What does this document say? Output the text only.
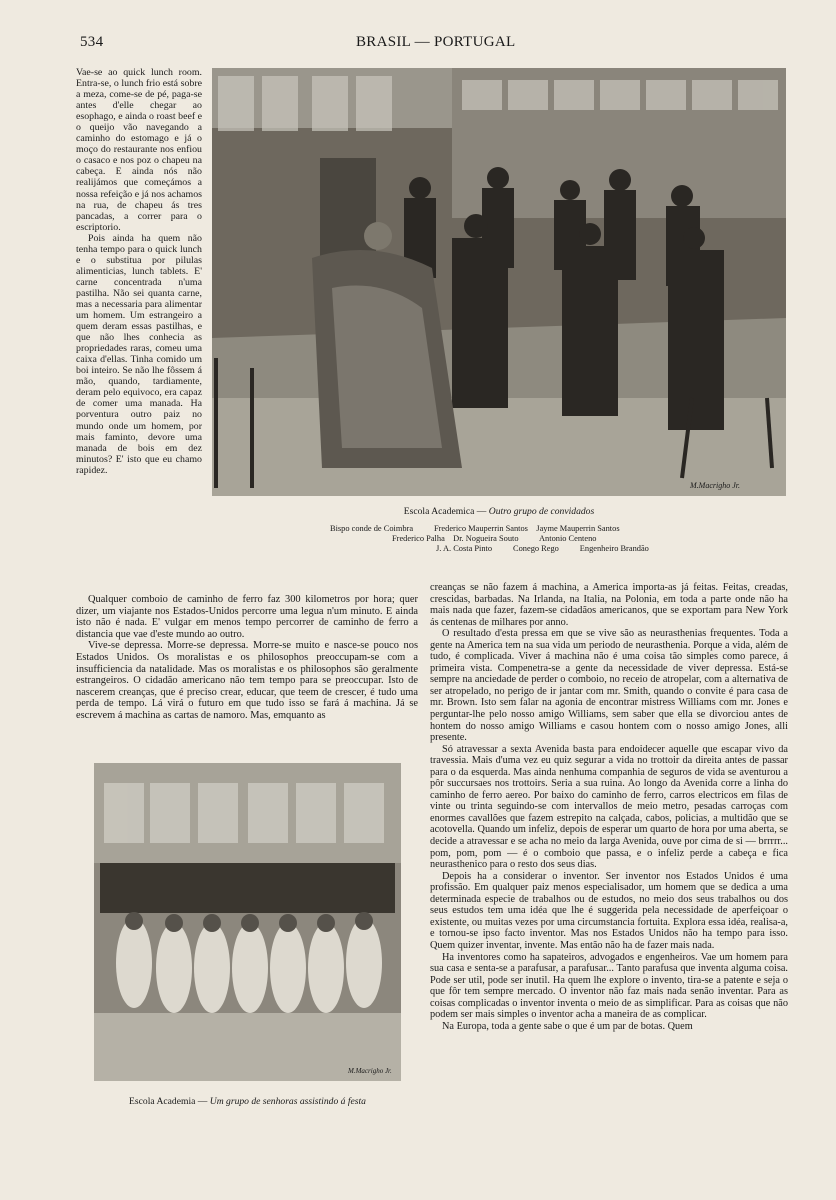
534	BRASIL — PORTUGAL
M.Macrigho Jr.
Escola Academica — Outro grupo de convidados
Bispo conde de Coimbra          Frederico Mauperrin Santos    Jayme Mauperrin Santos
Frederico Palha    Dr. Nogueira Souto          Antonio Centeno
J. A. Costa Pinto          Conego Rego          Engenheiro Brandão

Vae-se ao quick lunch room. Entra-se, o lunch frio está sobre a meza, come-se de pé, paga-se antes d'elle chegar ao esophago, e ainda o roast beef e o queijo vão navegando a caminho do estomago e já o moço do restaurante nos enfiou o casaco e nos poz o chapeu na cabeça. E ainda nós não realijámos que começámos a nossa refeição e já nos achamos na rua, de chapeu ás tres pancadas, a correr para o escriptorio.

Pois ainda ha quem não tenha tempo para o quick lunch e o substitua por pilulas alimenticias, lunch tablets. E' carne concentrada n'uma pastilha. Não sei quanta carne, mas a necessaria para alimentar um homem. Um estrangeiro a quem deram essas pastilhas, e que não lhes conhecia as propriedades raras, comeu uma caixa d'ellas. Tinha comido um boi inteiro. Se não lhe fôssem á mão, quando, tardiamente, deram pelo equivoco, era capaz de comer uma manada. Ha porventura outro paiz no mundo onde um homem, por mais faminto, devore uma manada de bois em dez minutos? E' isto que eu chamo rapidez.

Qualquer comboio de caminho de ferro faz 300 kilometros por hora; quer dizer, um viajante nos Estados-Unidos percorre uma legua n'um minuto. E ainda isto não é nada. E' vulgar em menos tempo percorrer de caminho de ferro a distancia que vae d'este mundo ao outro.

Vive-se depressa. Morre-se depressa. Morre-se muito e nasce-se pouco nos Estados Unidos. Os moralistas e os philosophos preoccupam-se com a insufficiencia da natalidade. Mas os moralistas e os philosophos são geralmente estrangeiros. O cidadão americano não tem tempo para se preoccupar. Isto de nascerem creanças, que é preciso crear, educar, que teem de crescer, é tudo uma perda de tempo. Lá virá o futuro em que tudo isso se fará á machina. Já se escrevem á machina as cartas de namoro. Mas, emquanto as

M.Macrigho Jr.
Escola Academia — Um grupo de senhoras assistindo á festa

creanças se não fazem á machina, a America importa-as já feitas. Feitas, creadas, crescidas, barbadas. Na Irlanda, na Italia, na Polonia, em toda a parte onde não ha mais nada que fazer, fazem-se cidadãos americanos, que se exportam para New York ás centenas de milhares por anno.

O resultado d'esta pressa em que se vive são as neurasthenias frequentes. Toda a gente na America tem na sua vida um periodo de neurasthenia. Porque a vida, além de tudo, é complicada. Viver á machina não é uma coisa tão simples como parece, á primeira vista. Compenetra-se a gente da necessidade de viver depressa. Está-se sempre na anciedade de perder o comboio, no receio de atropelar, com a alternativa de ser atropelado, no perigo de ir jantar com mr. Smith, quando o convite é para casa de mr. Brown. Isto sem falar na agonia de encontrar mistress Williams com mr. Jones e perguntar-lhe pelo nosso amigo Williams, sem saber que ella se divorciou antes de hontem do nosso amigo Williams e casou hontem com o nosso amigo Jones, alli presente.

Só atravessar a sexta Avenida basta para endoidecer aquelle que escapar vivo da travessia. Mais d'uma vez eu quiz segurar a vida no trottoir da direita antes de passar para o da esquerda. Mas ainda nenhuma companhia de seguros de vida se aventurou a pôr succursaes nos trottoirs. Seria a sua ruina. Ao longo da Avenida corre a linha do caminho de ferro aereo. Por baixo do caminho de ferro, carros electricos em filas de vinte ou trinta seguindo-se com intervallos de meio metro, pesadas carroças com enormes cavallões que fazem estrepito na calçada, cabos, policias, a multidão que se acotovella. Quando um infeliz, depois de esperar um quarto de hora por uma aberta, se decide a atravessar e se acha no meio da larga Avenida, ouve por cima de si — brrrrr... pom, pom, pom — é o comboio que passa, e o infeliz perde a cabeça e fica neurasthenico para o resto dos seus dias.

Depois ha a considerar o inventor. Ser inventor nos Estados Unidos é uma profissão. Em qualquer paiz menos especialisador, um homem que se dedica a uma determinada especie de trabalhos ou de estudos, no meio dos seus trabalhos ou dos seus estudos tem uma idéa que lhe é suggerida pela necessidade de aperfeiçoar o existente, ou muitas vezes por uma circumstancia fortuita. Explora essa idéa, realisa-a, e tornou-se ipso facto inventor. Mas nos Estados Unidos não ha tempo para isso. Quem quizer inventar, invente. Mas então não ha de fazer mais nada.

Ha inventores como ha sapateiros, advogados e engenheiros. Vae um homem para sua casa e senta-se a parafusar, a parafusar... Tanto parafusa que inventa alguma coisa. Pode ser util, pode ser inutil. Ha quem lhe explore o invento, tira-se a patente e seja o que fôr tem sempre mercado. O inventor não faz mais nada senão inventar. Para as coisas complicadas o inventor inventa o meio de as simplificar. Para as coisas que não podem ser mais simples o inventor acha a maneira de as complicar.

Na Europa, toda a gente sabe o que é um par de botas. Quem
